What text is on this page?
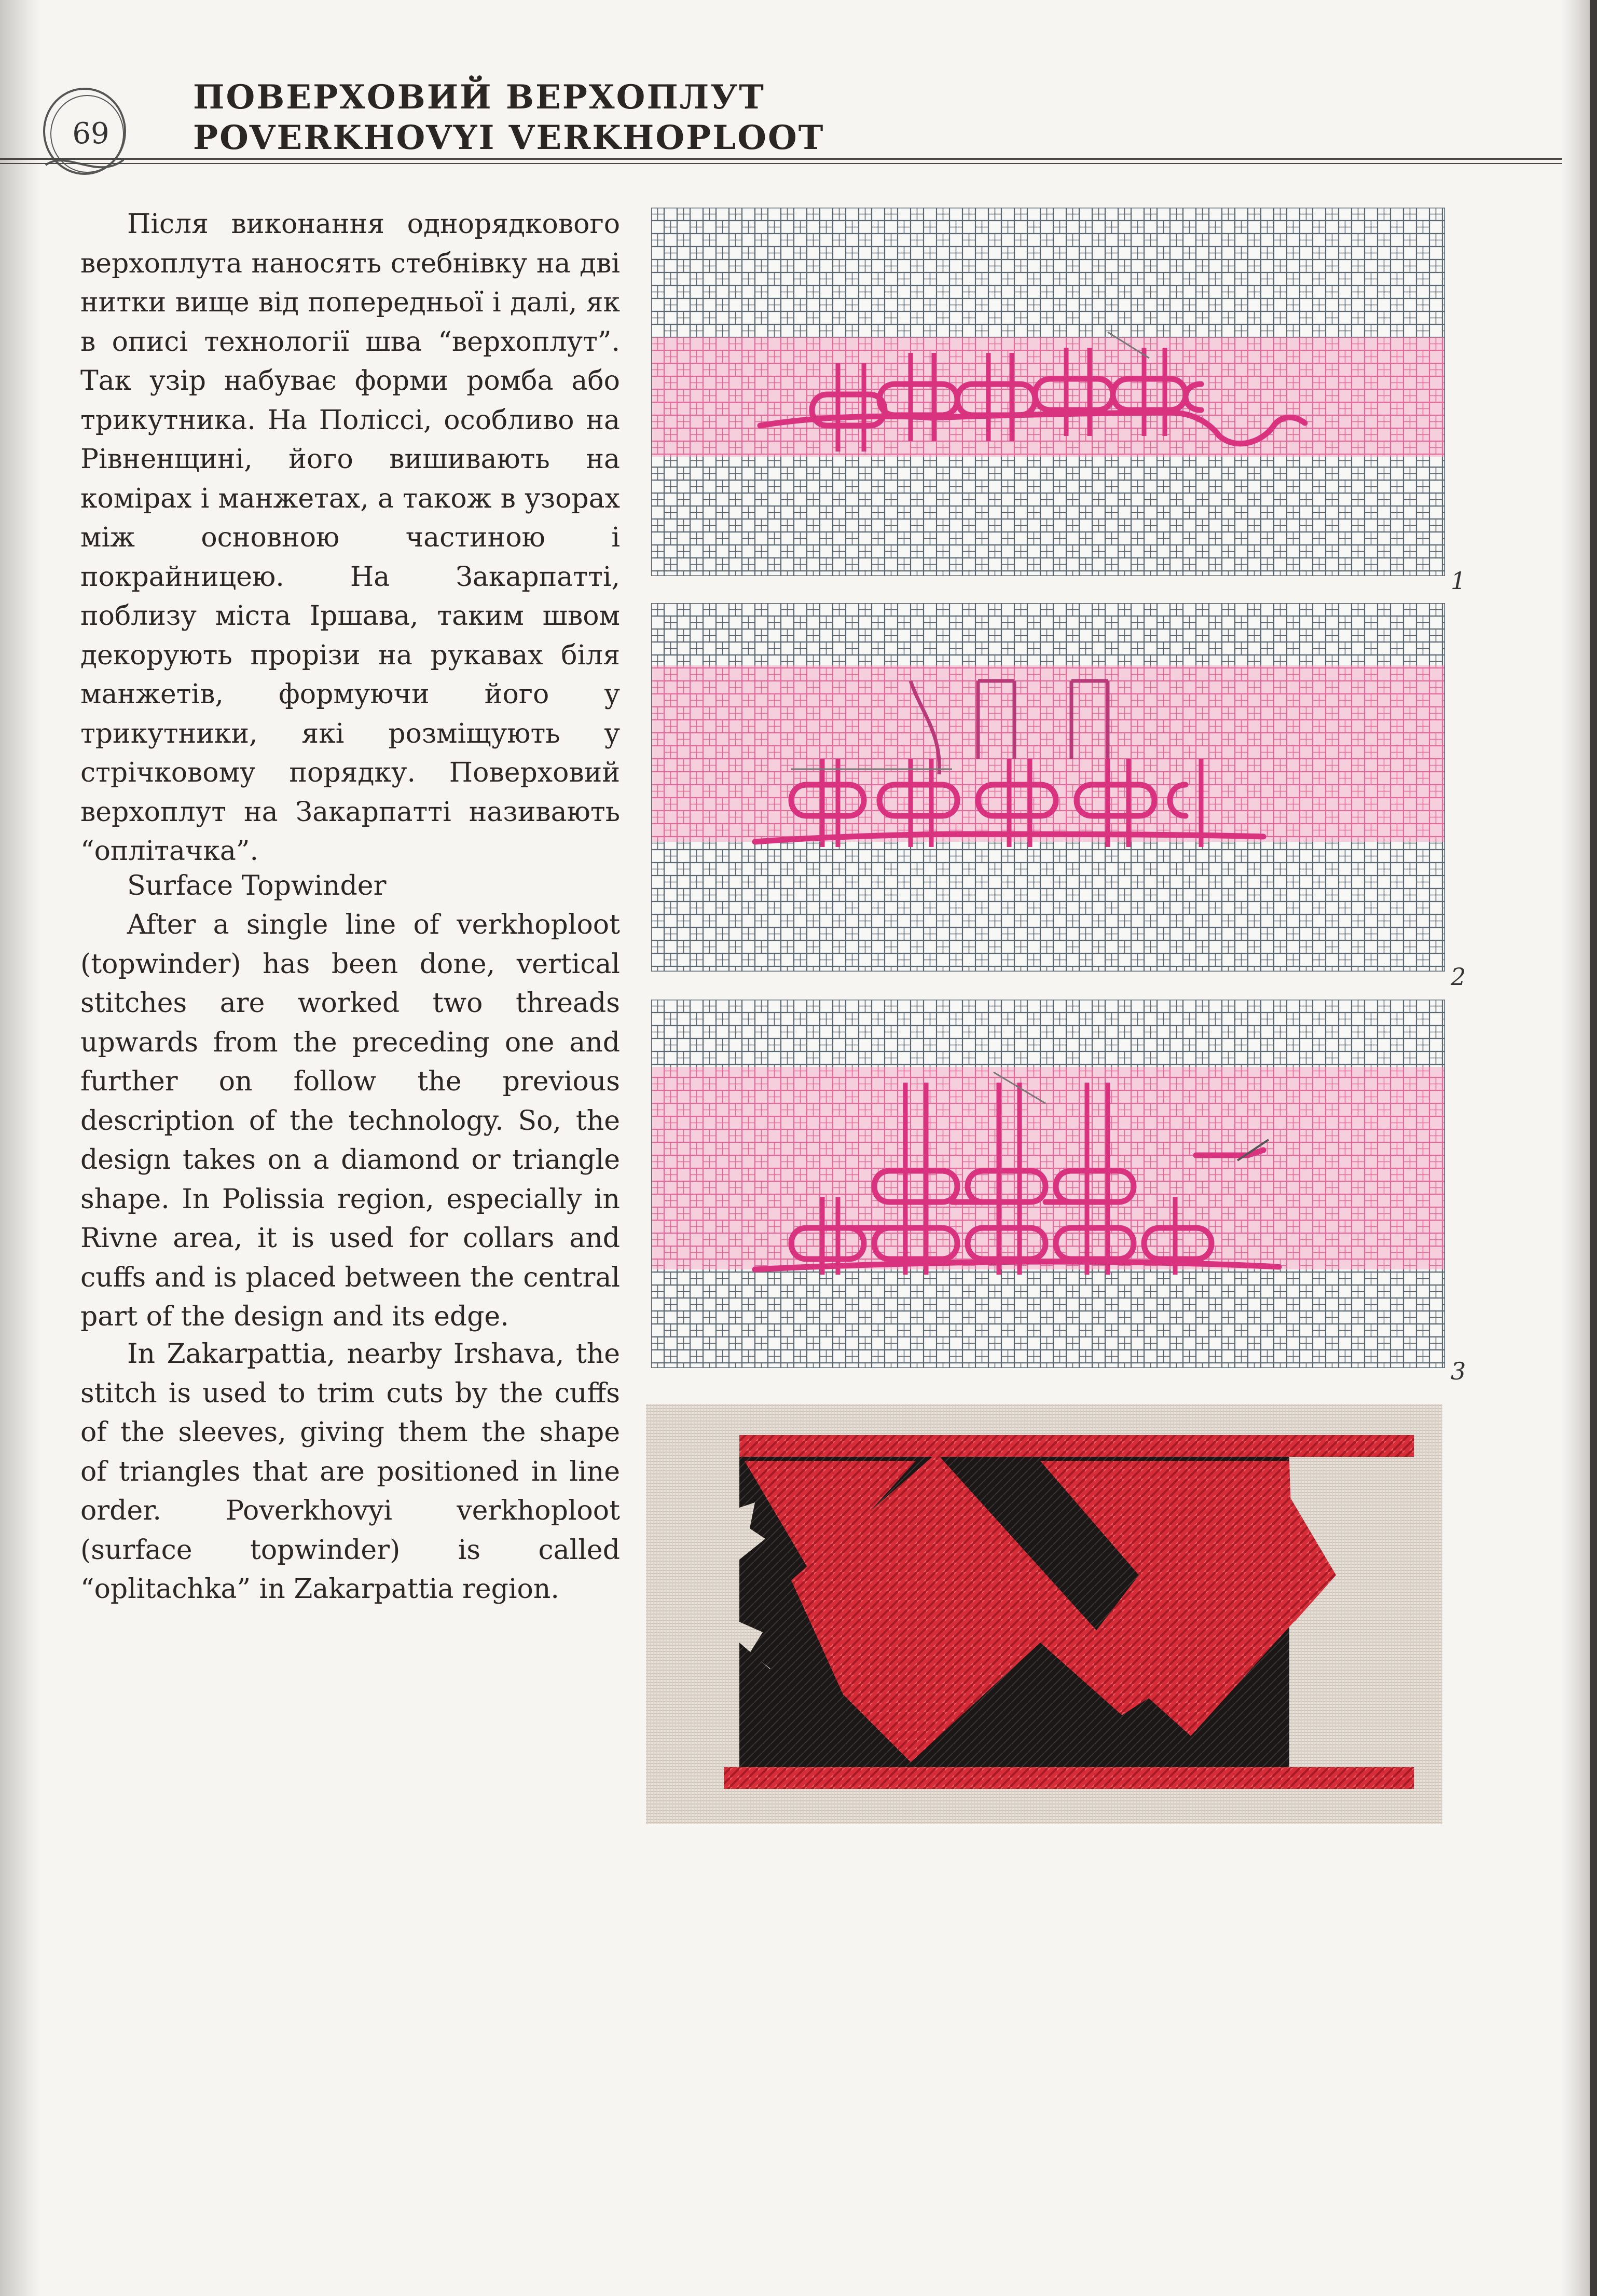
69
ПОВЕРХОВИЙ ВЕРХОПЛУТ
POVERKHOVYI VERKHOPLOOT

Після виконання однорядкового верхоплута наносять стебнівку на дві нитки вище від попередньої і далі, як в описі технології шва “верхоплут”. Так узір набуває форми ромба або трикутника. На Поліссі, особливо на Рівненщині, його вишивають на комірах і манжетах, а також в узорах між основною частиною і покрайницею. На Закарпатті, поблизу міста Іршава, таким швом декорують прорізи на рукавах біля манжетів, формуючи його у трикутники, які розміщують у стрічковому порядку. Поверховий верхоплут на Закарпатті називають “оплітачка”.

Surface Topwinder

After a single line of verkhoploot (topwinder) has been done, vertical stitches are worked two threads upwards from the preceding one and further on follow the previous description of the technology. So, the design takes on a diamond or triangle shape. In Polissia region, especially in Rivne area, it is used for collars and cuffs and is placed between the central part of the design and its edge.

In Zakarpattia, nearby Irshava, the stitch is used to trim cuts by the cuffs of the sleeves, giving them the shape of triangles that are positioned in line order. Poverkhovyi verkhoploot (surface topwinder) is called “oplitachka” in Zakarpattia region.

1
2
3
